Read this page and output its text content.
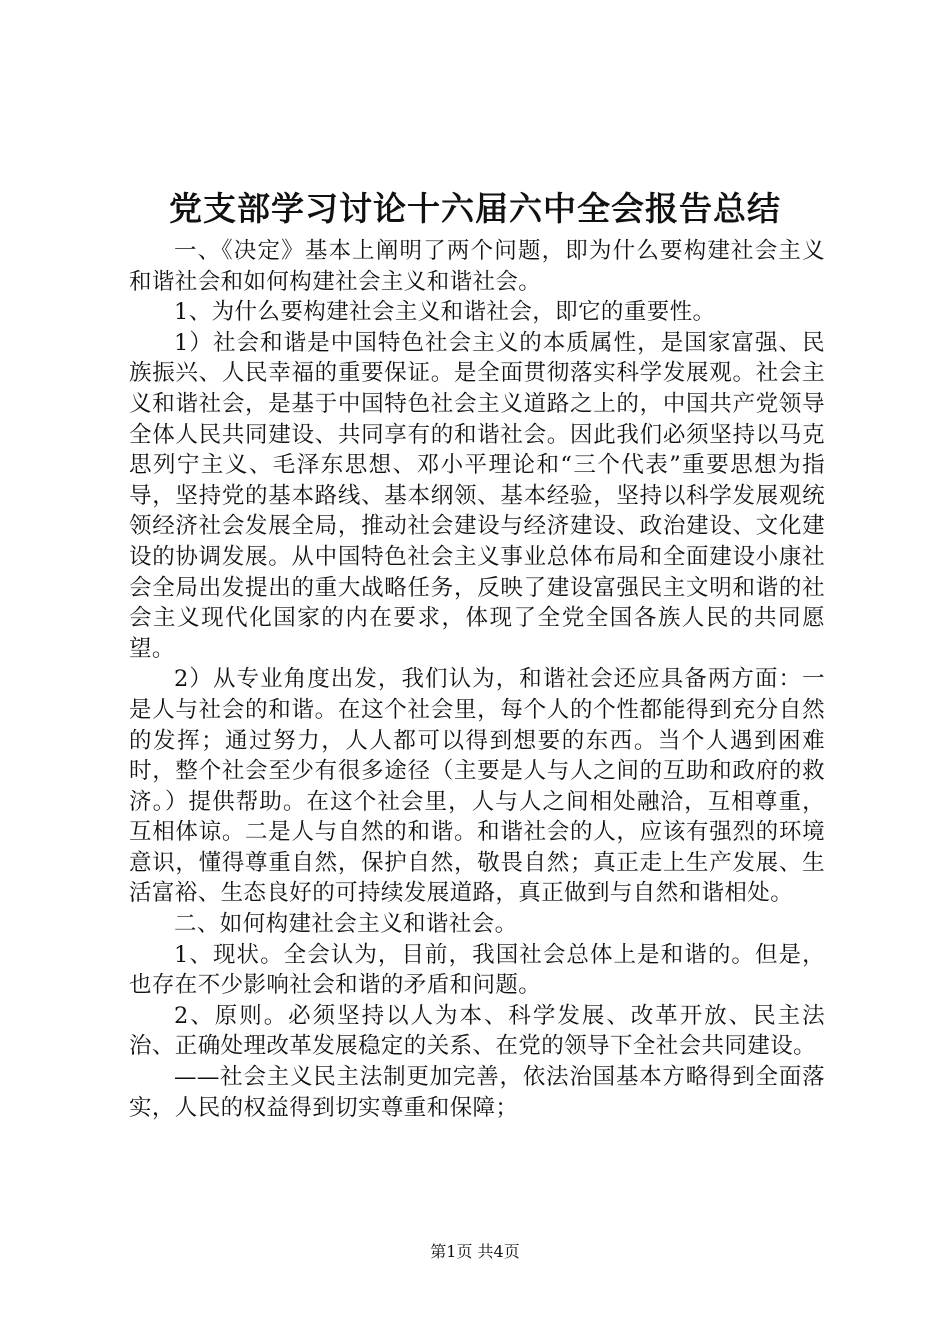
党支部学习讨论十六届六中全会报告总结

一、《决定》基本上阐明了两个问题，即为什么要构建社会主义和谐社会和如何构建社会主义和谐社会。

1、为什么要构建社会主义和谐社会，即它的重要性。

1）社会和谐是中国特色社会主义的本质属性，是国家富强、民族振兴、人民幸福的重要保证。是全面贯彻落实科学发展观。社会主义和谐社会，是基于中国特色社会主义道路之上的，中国共产党领导全体人民共同建设、共同享有的和谐社会。因此我们必须坚持以马克思列宁主义、毛泽东思想、邓小平理论和“三个代表”重要思想为指导，坚持党的基本路线、基本纲领、基本经验，坚持以科学发展观统领经济社会发展全局，推动社会建设与经济建设、政治建设、文化建设的协调发展。从中国特色社会主义事业总体布局和全面建设小康社会全局出发提出的重大战略任务，反映了建设富强民主文明和谐的社会主义现代化国家的内在要求，体现了全党全国各族人民的共同愿望。

2）从专业角度出发，我们认为，和谐社会还应具备两方面：一是人与社会的和谐。在这个社会里，每个人的个性都能得到充分自然的发挥；通过努力，人人都可以得到想要的东西。当个人遇到困难时，整个社会至少有很多途径（主要是人与人之间的互助和政府的救济。）提供帮助。在这个社会里，人与人之间相处融洽，互相尊重，互相体谅。二是人与自然的和谐。和谐社会的人，应该有强烈的环境意识，懂得尊重自然，保护自然，敬畏自然；真正走上生产发展、生活富裕、生态良好的可持续发展道路，真正做到与自然和谐相处。

二、如何构建社会主义和谐社会。

1、现状。全会认为，目前，我国社会总体上是和谐的。但是，也存在不少影响社会和谐的矛盾和问题。

2、原则。必须坚持以人为本、科学发展、改革开放、民主法治、正确处理改革发展稳定的关系、在党的领导下全社会共同建设。

——社会主义民主法制更加完善，依法治国基本方略得到全面落实，人民的权益得到切实尊重和保障；

第1页 共4页
